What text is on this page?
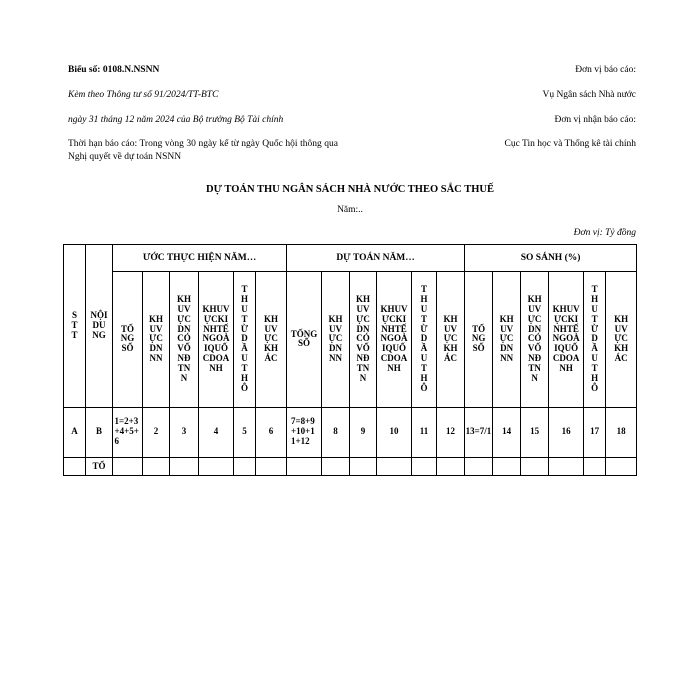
Biểu số: 0108.N.NSNN
Kèm theo Thông tư số 91/2024/TT-BTC
ngày 31 tháng 12 năm 2024 của Bộ trưởng Bộ Tài chính
Thời hạn báo cáo: Trong vòng 30 ngày kể từ ngày Quốc hội thông qua Nghị quyết về dự toán NSNN
Đơn vị báo cáo:
Vụ Ngân sách Nhà nước
Đơn vị nhận báo cáo:
Cục Tin học và Thống kê tài chính
DỰ TOÁN THU NGÂN SÁCH NHÀ NƯỚC THEO SẮC THUẾ
Năm:..
Đơn vị: Tỷ đồng
STT	NỘIDUNG	ƯỚC THỰC HIỆN NĂM…						DỰ TOÁN NĂM…						SO SÁNH (%)					

		TỔNGSỐ	KHUVỰCDNNN	KHUVỰCDNCÓVỐNĐTNN	KHUVỰCKINHTẾNGOÀIQUỐCDOANH	THUTỪDẦUTHÔ	KHUVỰCKHÁC	TỔNG SỐ	KHUVỰCDNNN	KHUVỰCDNCÓVỐNĐTNN	KHUVỰCKINHTẾNGOÀIQUỐCDOANH	THUTỪDẦUTHÔ	KHUVỰCKHÁC	TỔNGSỐ	KHUVỰCDNNN	KHUVỰCDNCÓVỐNĐTNN	KHUVỰCKINHTẾNGOÀIQUỐCDOANH	THUTỪDẦUTHÔ	KHUVỰCKHÁC

A	B	1=2+3+4+5+6	2	3	4	5	6	7=8+9+10+11+12	8	9	10	11	12	13=7/1	14	15	16	17	18
	TỔ																		
